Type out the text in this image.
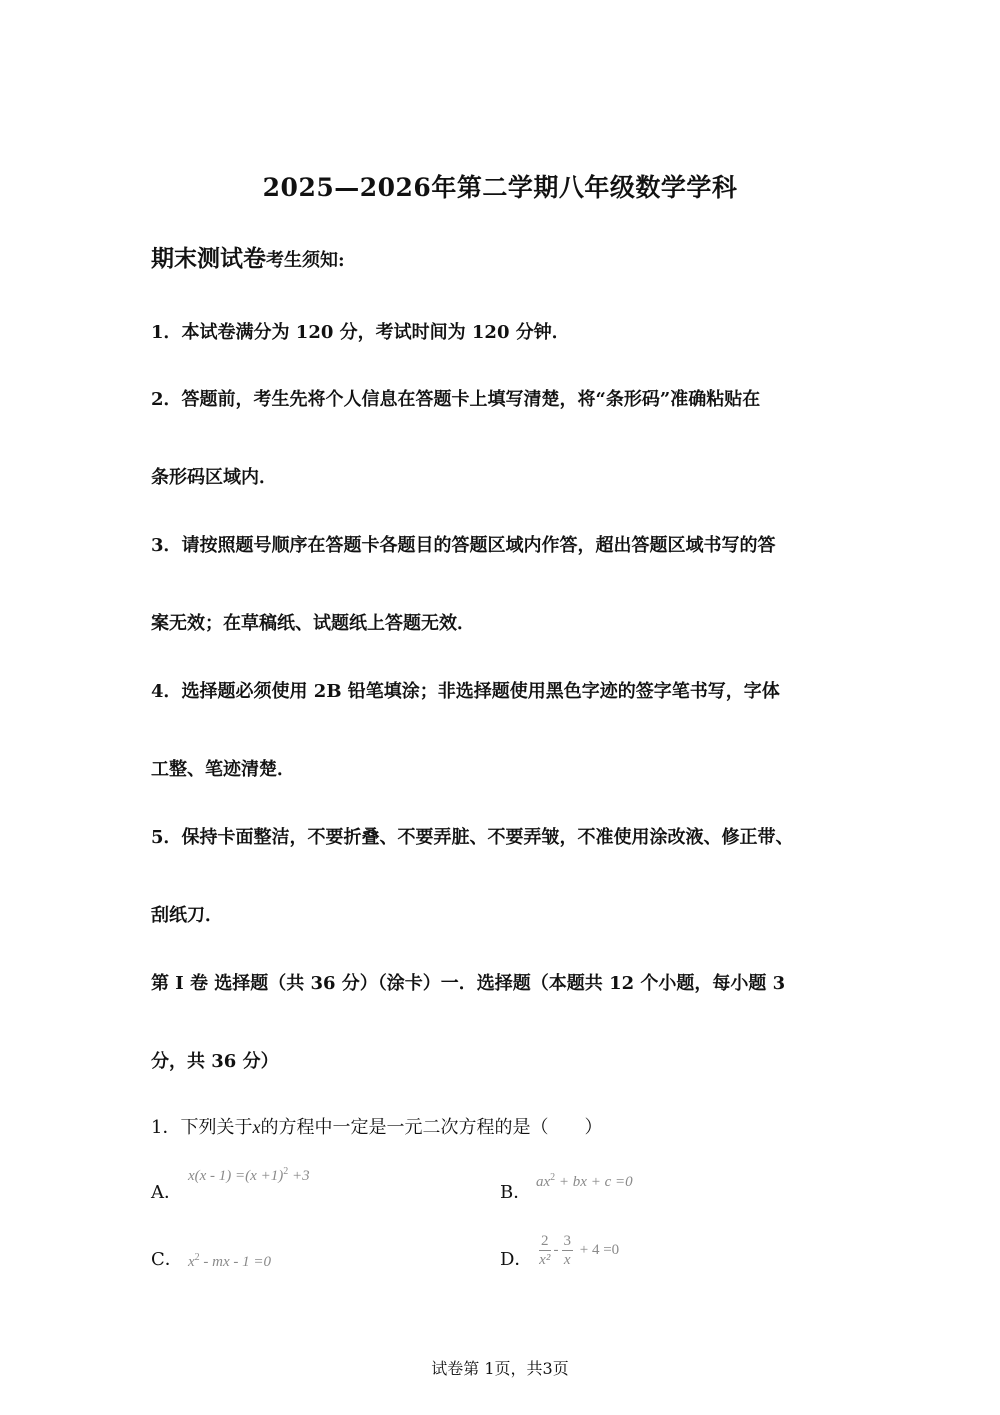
2025—2026年第二学期八年级数学学科
期末测试卷考生须知:
1．本试卷满分为 120 分，考试时间为 120 分钟．
2．答题前，考生先将个人信息在答题卡上填写清楚，将“条形码”准确粘贴在
条形码区域内．
3．请按照题号顺序在答题卡各题目的答题区域内作答，超出答题区域书写的答
案无效；在草稿纸、试题纸上答题无效．
4．选择题必须使用 2B 铅笔填涂；非选择题使用黑色字迹的签字笔书写，字体
工整、笔迹清楚．
5．保持卡面整洁，不要折叠、不要弄脏、不要弄皱，不准使用涂改液、修正带、
刮纸刀．
第 Ⅰ 卷 选择题（共 36 分）（涂卡）一．选择题（本题共 12 个小题，每小题 3
分，共 36 分）
1．下列关于x的方程中一定是一元二次方程的是（　　）
A．
$x(x - 1) =(x +1)^2 +3$
B． $ax^2$ + bx + c =0
C． $x^2$ - mx - 1 =0	D． $\frac{2}{\text{x²}} - \frac{3}{x} + 4 =0$
试卷第 1页，共3页
